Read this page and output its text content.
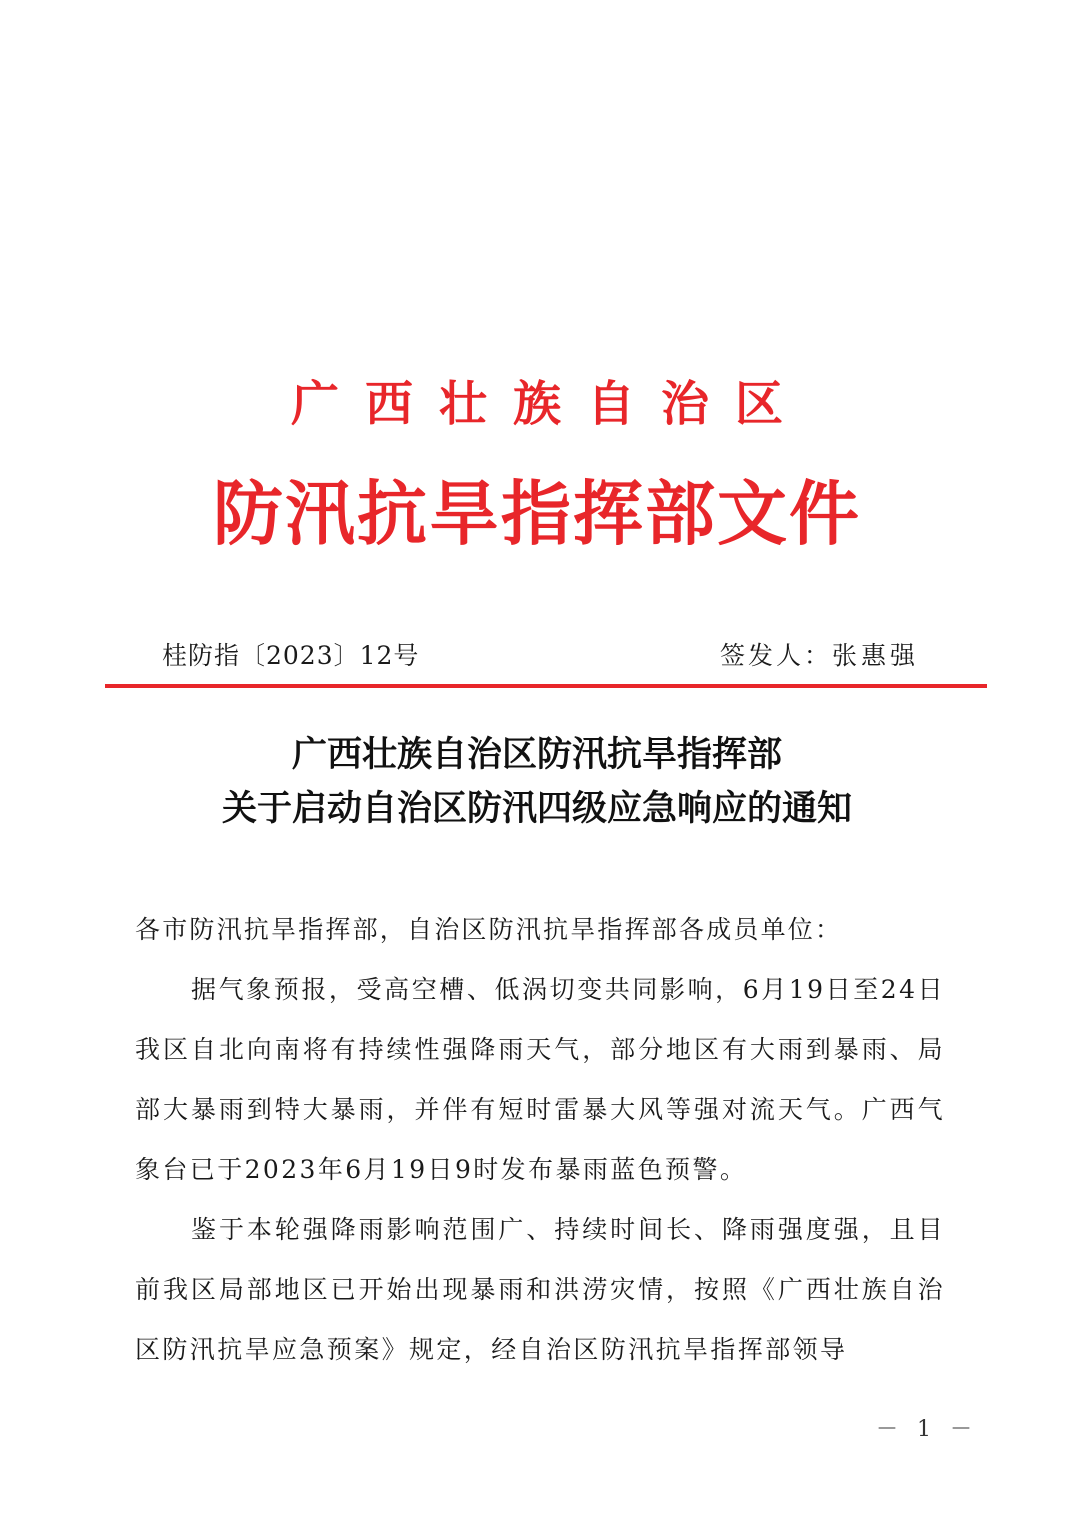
广西壮族自治区
防汛抗旱指挥部文件
桂防指〔2023〕12号	签发人：张惠强
广西壮族自治区防汛抗旱指挥部
关于启动自治区防汛四级应急响应的通知

各市防汛抗旱指挥部，自治区防汛抗旱指挥部各成员单位：

据气象预报，受高空槽、低涡切变共同影响，6月19日至24日我区自北向南将有持续性强降雨天气，部分地区有大雨到暴雨、局部大暴雨到特大暴雨，并伴有短时雷暴大风等强对流天气。广西气象台已于2023年6月19日9时发布暴雨蓝色预警。

鉴于本轮强降雨影响范围广、持续时间长、降雨强度强，且目前我区局部地区已开始出现暴雨和洪涝灾情，按照《广西壮族自治区防汛抗旱应急预案》规定，经自治区防汛抗旱指挥部领导

－ 1 －
